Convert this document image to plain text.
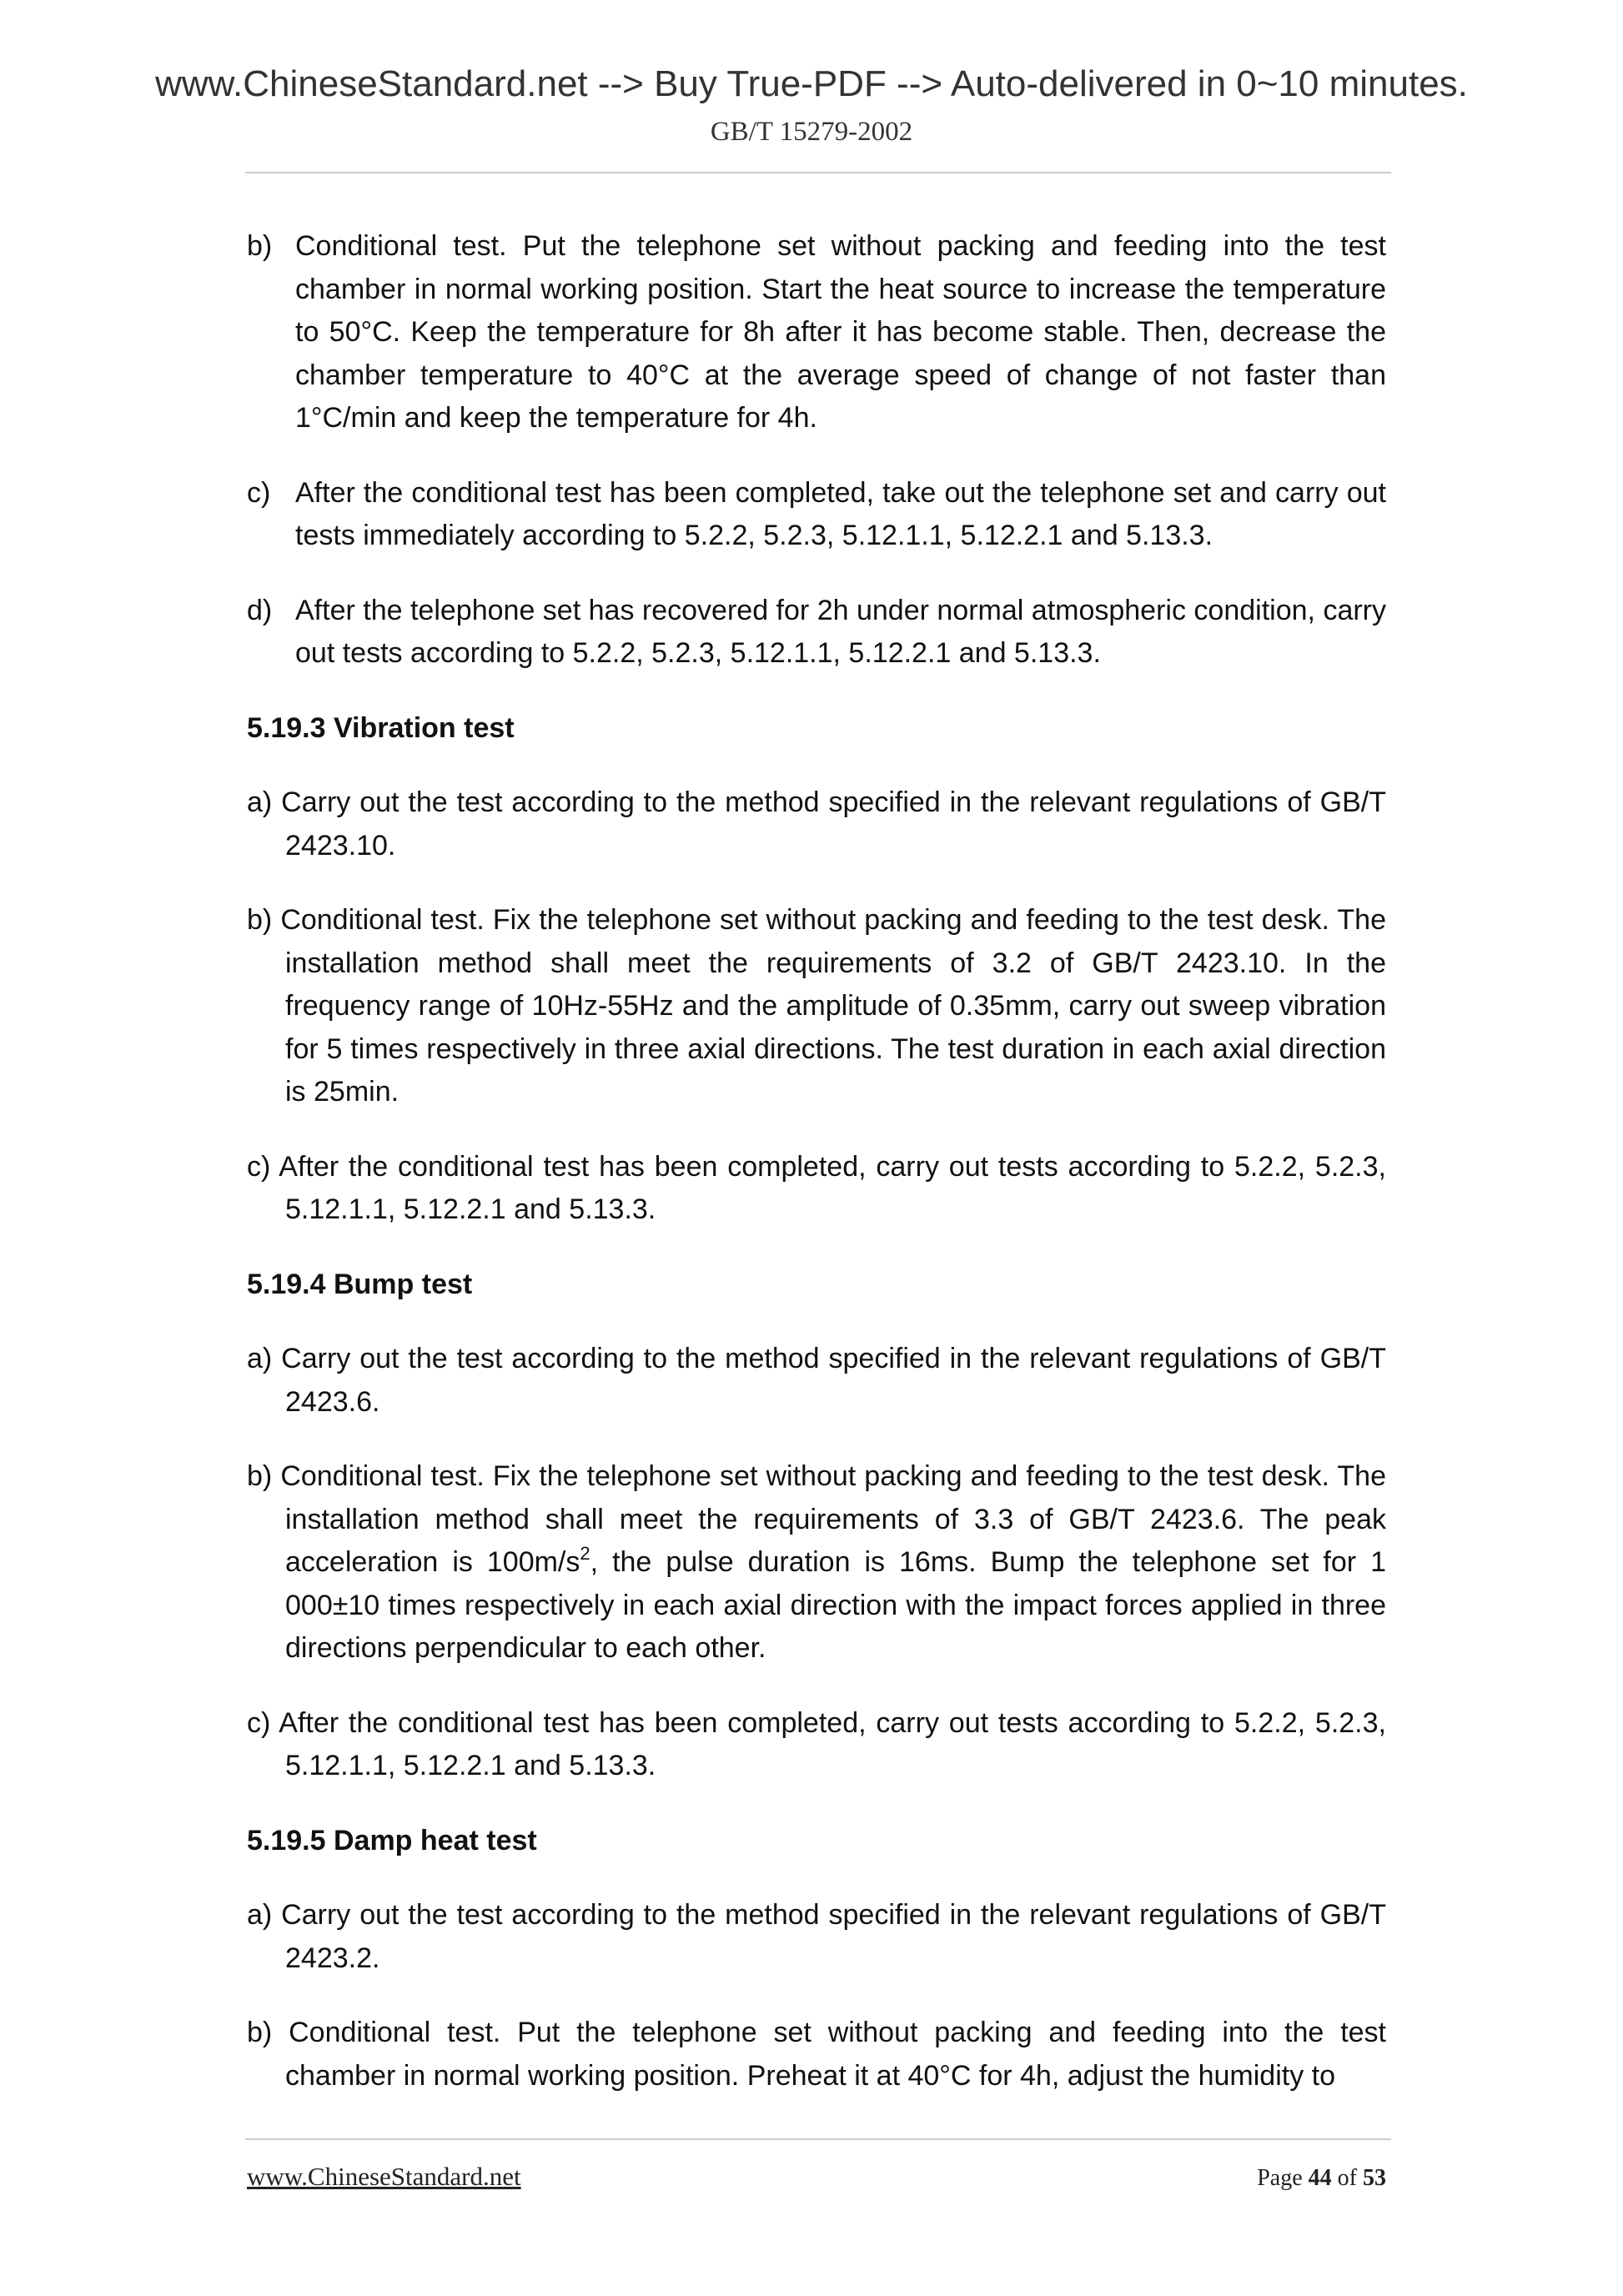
www.ChineseStandard.net --> Buy True-PDF --> Auto-delivered in 0~10 minutes.
GB/T 15279-2002
b) Conditional test. Put the telephone set without packing and feeding into the test chamber in normal working position. Start the heat source to increase the temperature to 50°C. Keep the temperature for 8h after it has become stable. Then, decrease the chamber temperature to 40°C at the average speed of change of not faster than 1°C/min and keep the temperature for 4h.
c) After the conditional test has been completed, take out the telephone set and carry out tests immediately according to 5.2.2, 5.2.3, 5.12.1.1, 5.12.2.1 and 5.13.3.
d) After the telephone set has recovered for 2h under normal atmospheric condition, carry out tests according to 5.2.2, 5.2.3, 5.12.1.1, 5.12.2.1 and 5.13.3.
5.19.3 Vibration test
a) Carry out the test according to the method specified in the relevant regulations of GB/T 2423.10.
b) Conditional test. Fix the telephone set without packing and feeding to the test desk. The installation method shall meet the requirements of 3.2 of GB/T 2423.10. In the frequency range of 10Hz-55Hz and the amplitude of 0.35mm, carry out sweep vibration for 5 times respectively in three axial directions. The test duration in each axial direction is 25min.
c) After the conditional test has been completed, carry out tests according to 5.2.2, 5.2.3, 5.12.1.1, 5.12.2.1 and 5.13.3.
5.19.4 Bump test
a) Carry out the test according to the method specified in the relevant regulations of GB/T 2423.6.
b) Conditional test. Fix the telephone set without packing and feeding to the test desk. The installation method shall meet the requirements of 3.3 of GB/T 2423.6. The peak acceleration is $100m/s^2$, the pulse duration is 16ms. Bump the telephone set for 1 000±10 times respectively in each axial direction with the impact forces applied in three directions perpendicular to each other.
c) After the conditional test has been completed, carry out tests according to 5.2.2, 5.2.3, 5.12.1.1, 5.12.2.1 and 5.13.3.
5.19.5 Damp heat test
a) Carry out the test according to the method specified in the relevant regulations of GB/T 2423.2.
b) Conditional test. Put the telephone set without packing and feeding into the test chamber in normal working position. Preheat it at 40°C for 4h, adjust the humidity to
www.ChineseStandard.net	Page 44 of 53
